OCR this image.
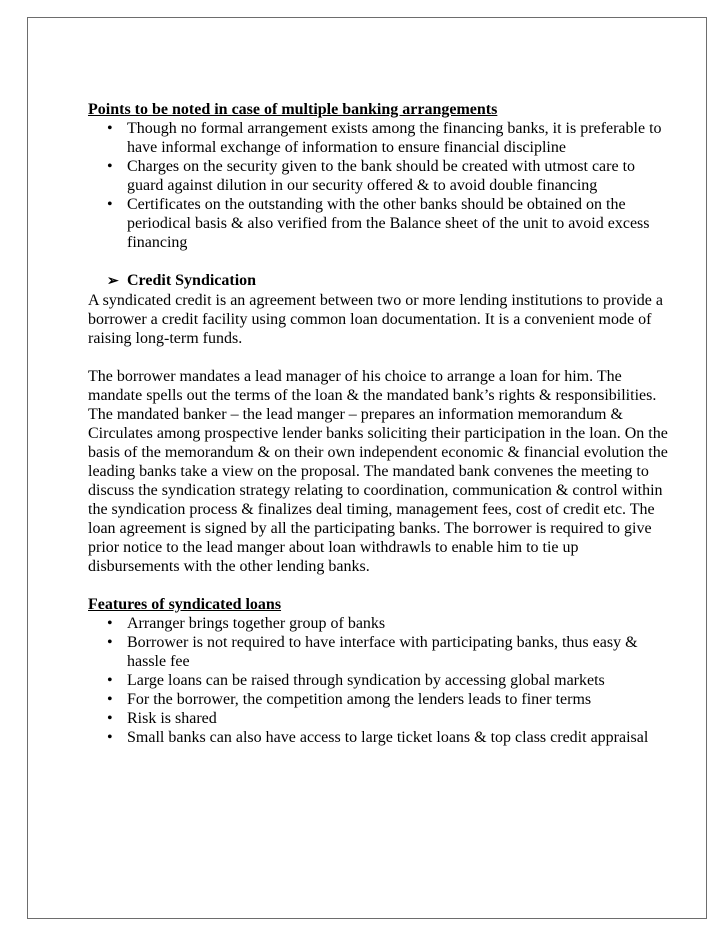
Points to be noted in case of multiple banking arrangements

• Though no formal arrangement exists among the financing banks, it is preferable to have informal exchange of information to ensure financial discipline
• Charges on the security given to the bank should be created with utmost care to guard against dilution in our security offered & to avoid double financing
• Certificates on the outstanding with the other banks should be obtained on the periodical basis & also verified from the Balance sheet of the unit to avoid excess financing

➢ Credit Syndication

A syndicated credit is an agreement between two or more lending institutions to provide a borrower a credit facility using common loan documentation. It is a convenient mode of raising long-term funds.

The borrower mandates a lead manager of his choice to arrange a loan for him. The mandate spells out the terms of the loan & the mandated bank’s rights & responsibilities.

The mandated banker – the lead manger – prepares an information memorandum & Circulates among prospective lender banks soliciting their participation in the loan. On the basis of the memorandum & on their own independent economic & financial evolution the leading banks take a view on the proposal. The mandated bank convenes the meeting to discuss the syndication strategy relating to coordination, communication & control within the syndication process & finalizes deal timing, management fees, cost of credit etc. The loan agreement is signed by all the participating banks. The borrower is required to give prior notice to the lead manger about loan withdrawls to enable him to tie up disbursements with the other lending banks.

Features of syndicated loans

• Arranger brings together group of banks
• Borrower is not required to have interface with participating banks, thus easy & hassle fee
• Large loans can be raised through syndication by accessing global markets
• For the borrower, the competition among the lenders leads to finer terms
• Risk is shared
• Small banks can also have access to large ticket loans & top class credit appraisal
